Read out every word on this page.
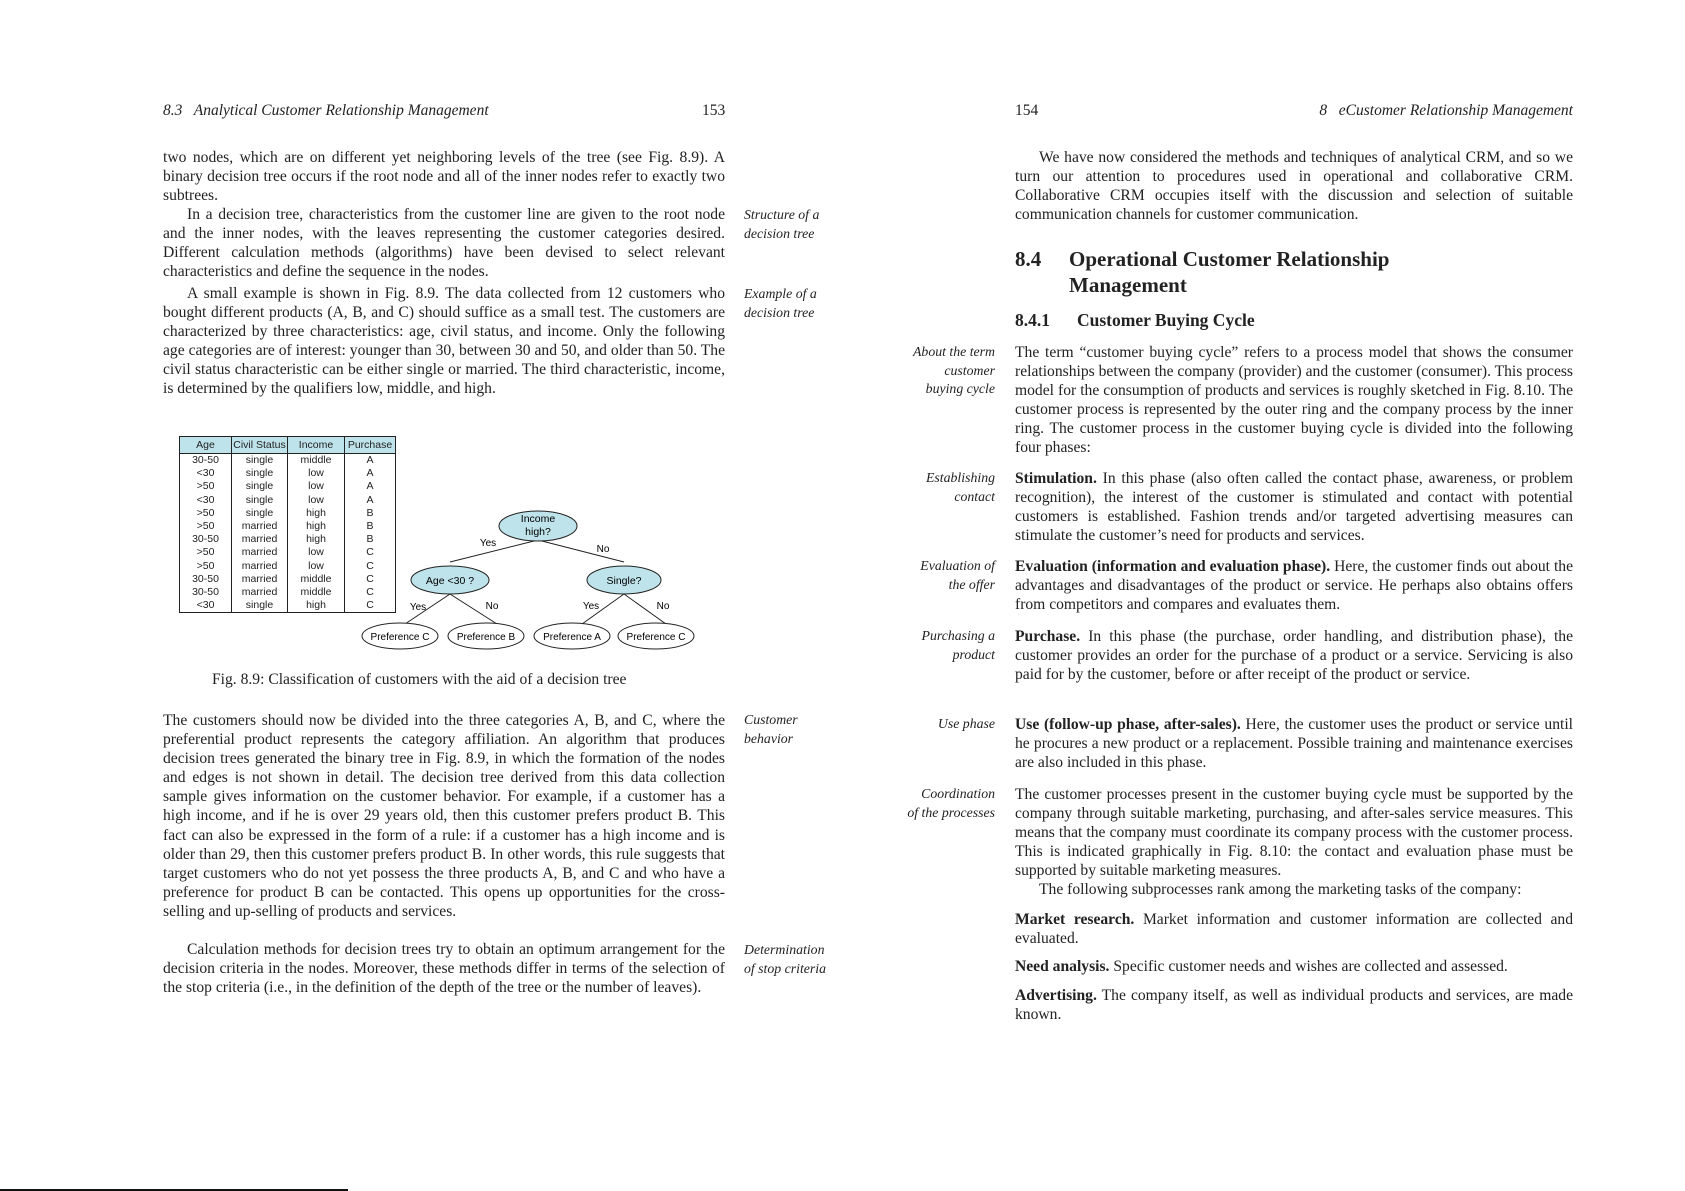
8.3 Analytical Customer Relationship Management	153

two nodes, which are on different yet neighboring levels of the tree (see Fig. 8.9). A binary decision tree occurs if the root node and all of the inner nodes refer to exactly two subtrees.

In a decision tree, characteristics from the customer line are given to the root node and the inner nodes, with the leaves representing the customer categories desired. Different calculation methods (algorithms) have been devised to select relevant characteristics and define the sequence in the nodes.

A small example is shown in Fig. 8.9. The data collected from 12 customers who bought different products (A, B, and C) should suffice as a small test. The customers are characterized by three characteristics: age, civil status, and income. Only the following age categories are of interest: younger than 30, between 30 and 50, and older than 50. The civil status characteristic can be either single or married. The third characteristic, income, is determined by the qualifiers low, middle, and high.

Structure of a
decision tree
Example of a
decision tree
Age	Civil Status	Income	Purchase
30-50	single	middle	A
<30	single	low	A
>50	single	low	A
<30	single	low	A
>50	single	high	B
>50	married	high	B
30-50	married	high	B
>50	married	low	C
>50	married	low	C
30-50	married	middle	C
30-50	married	middle	C
<30	single	high	C
Income
high?
Age <30 ?	Single?
Yes
No
Yes	No	Yes	No
Preference C	Preference B	Preference A	Preference C
Fig. 8.9: Classification of customers with the aid of a decision tree

The customers should now be divided into the three categories A, B, and C, where the preferential product represents the category affiliation. An algorithm that produces decision trees generated the binary tree in Fig. 8.9, in which the formation of the nodes and edges is not shown in detail. The decision tree derived from this data collection sample gives information on the customer behavior. For example, if a customer has a high income, and if he is over 29 years old, then this customer prefers product B. This fact can also be expressed in the form of a rule: if a customer has a high income and is older than 29, then this customer prefers product B. In other words, this rule suggests that target customers who do not yet possess the three products A, B, and C and who have a preference for product B can be contacted. This opens up opportunities for the cross-selling and up-selling of products and services.

Calculation methods for decision trees try to obtain an optimum arrangement for the decision criteria in the nodes. Moreover, these methods differ in terms of the selection of the stop criteria (i.e., in the definition of the depth of the tree or the number of leaves).

Customer
behavior
Determination
of stop criteria
154	8 eCustomer Relationship Management

We have now considered the methods and techniques of analytical CRM, and so we turn our attention to procedures used in operational and collaborative CRM. Collaborative CRM occupies itself with the discussion and selection of suitable communication channels for customer communication.

8.4 Operational Customer Relationship
Management
8.4.1 Customer Buying Cycle

The term “customer buying cycle” refers to a process model that shows the consumer relationships between the company (provider) and the customer (consumer). This process model for the consumption of products and services is roughly sketched in Fig. 8.10. The customer process is represented by the outer ring and the company process by the inner ring. The customer process in the customer buying cycle is divided into the following four phases:

Stimulation. In this phase (also often called the contact phase, awareness, or problem recognition), the interest of the customer is stimulated and contact with potential customers is established. Fashion trends and/or targeted advertising measures can stimulate the customer’s need for products and services.

Evaluation (information and evaluation phase). Here, the customer finds out about the advantages and disadvantages of the product or service. He perhaps also obtains offers from competitors and compares and evaluates them.

Purchase. In this phase (the purchase, order handling, and distribution phase), the customer provides an order for the purchase of a product or a service. Servicing is also paid for by the customer, before or after receipt of the product or service.

Use (follow-up phase, after-sales). Here, the customer uses the product or service until he procures a new product or a replacement. Possible training and maintenance exercises are also included in this phase.

The customer processes present in the customer buying cycle must be supported by the company through suitable marketing, purchasing, and after-sales service measures. This means that the company must coordinate its company process with the customer process. This is indicated graphically in Fig. 8.10: the contact and evaluation phase must be supported by suitable marketing measures.

The following subprocesses rank among the marketing tasks of the company:

Market research. Market information and customer information are collected and evaluated.

Need analysis. Specific customer needs and wishes are collected and assessed.

Advertising. The company itself, as well as individual products and services, are made known.

About the term
customer
buying cycle
Establishing
contact
Evaluation of
the offer
Purchasing a
product
Use phase
Coordination
of the processes
